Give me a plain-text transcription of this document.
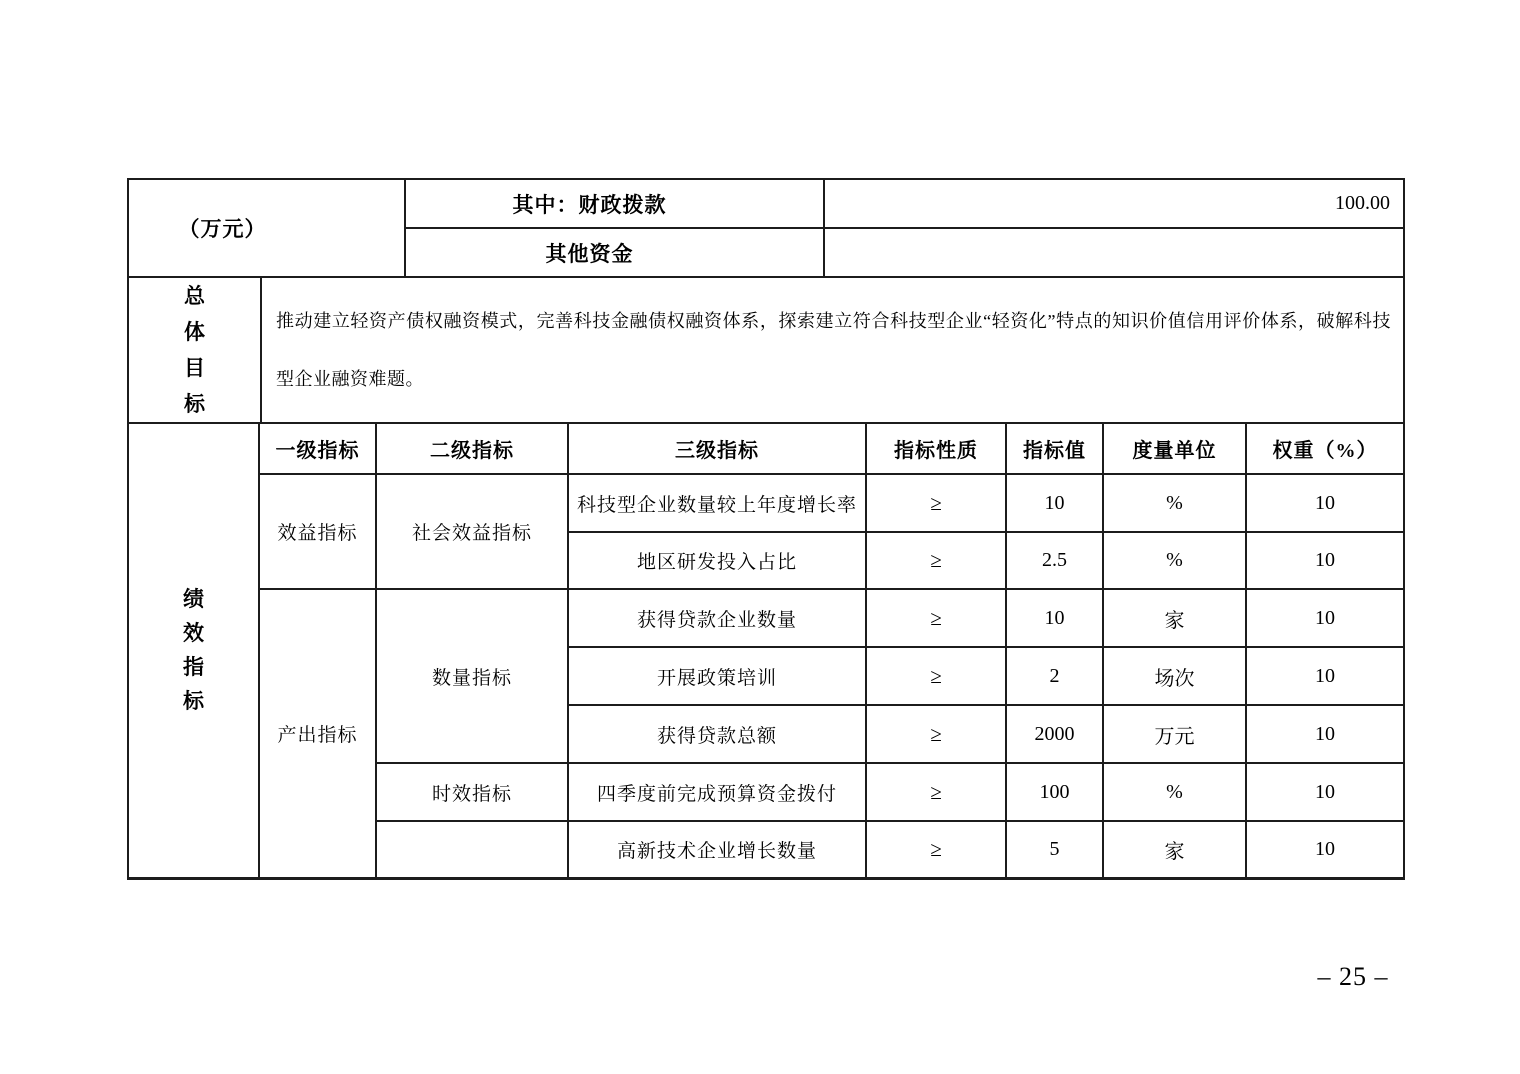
（万元）	其中：财政拨款	100.00
	其他资金	
总
体
目
标

推动建立轻资产债权融资模式，完善科技金融债权融资体系，探索建立符合科技型企业“轻资化”特点的知识价值信用评价体系，破解科技型企业融资难题。
绩
效
指
标	一级指标	二级指标	三级指标	指标性质	指标值	度量单位	权重（%）
	效益指标	社会效益指标	科技型企业数量较上年度增长率	≥	10	%	10
			地区研发投入占比	≥	2.5	%	10
	产出指标	数量指标	获得贷款企业数量	≥	10	家	10
			开展政策培训	≥	2	场次	10
			获得贷款总额	≥	2000	万元	10
		时效指标	四季度前完成预算资金拨付	≥	100	%	10
			高新技术企业增长数量	≥	5	家	10
– 25 –
